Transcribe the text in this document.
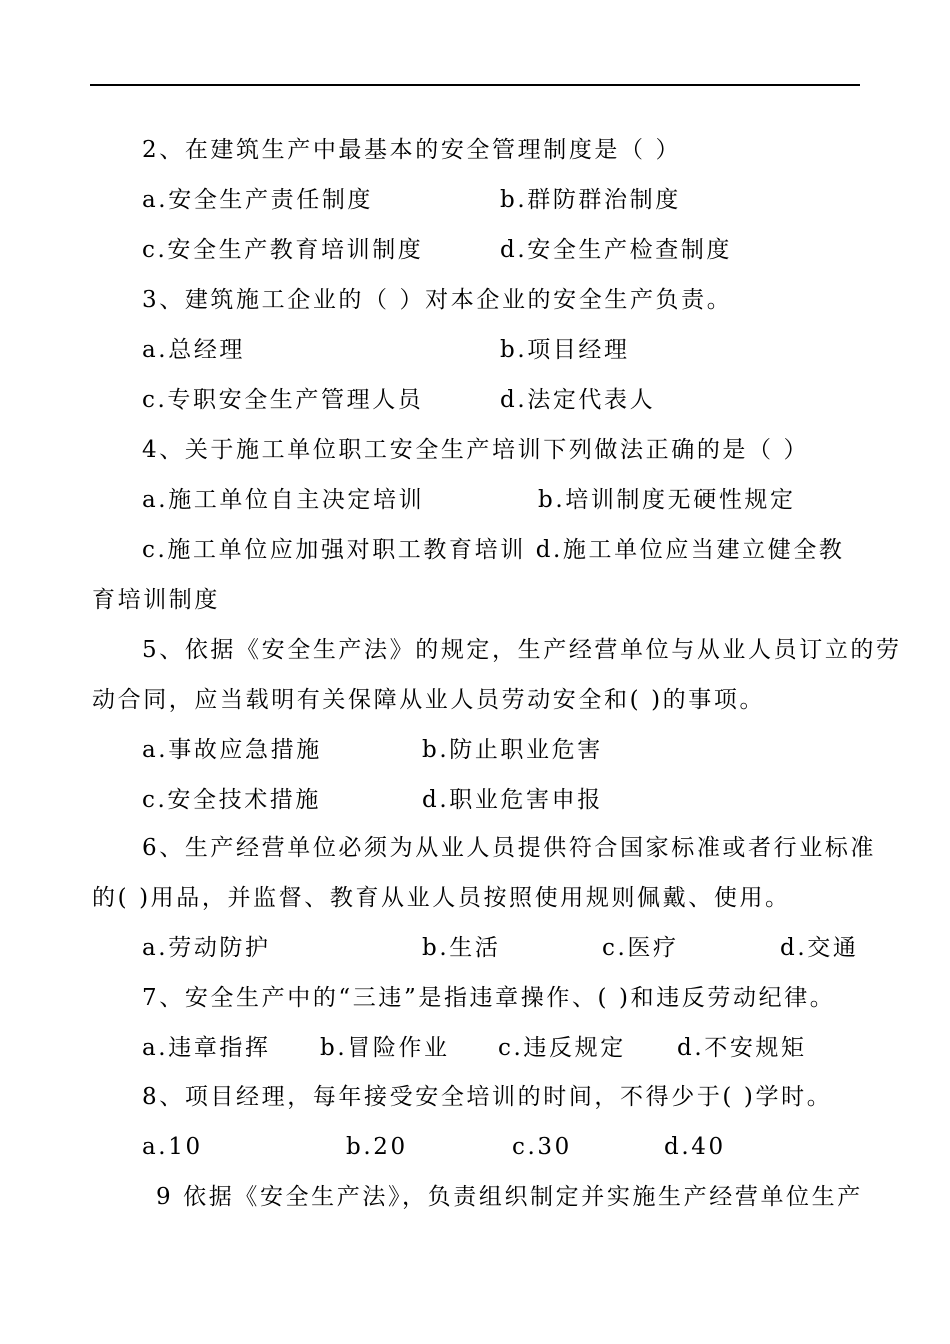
2、在建筑生产中最基本的安全管理制度是（ ）
a.安全生产责任制度	b.群防群治制度
c.安全生产教育培训制度	d.安全生产检查制度
3、建筑施工企业的（ ）对本企业的安全生产负责。
a.总经理	b.项目经理
c.专职安全生产管理人员	d.法定代表人
4、关于施工单位职工安全生产培训下列做法正确的是（ ）
a.施工单位自主决定培训	b.培训制度无硬性规定
c.施工单位应加强对职工教育培训 d.施工单位应当建立健全教
育培训制度
5、依据《安全生产法》的规定，生产经营单位与从业人员订立的劳
动合同，应当载明有关保障从业人员劳动安全和( )的事项。
a.事故应急措施	b.防止职业危害
c.安全技术措施	d.职业危害申报
6、生产经营单位必须为从业人员提供符合国家标准或者行业标准
的( )用品，并监督、教育从业人员按照使用规则佩戴、使用。
a.劳动防护	b.生活	c.医疗	d.交通
7、安全生产中的“三违”是指违章操作、( )和违反劳动纪律。
a.违章指挥 b.冒险作业 c.违反规定 d.不安规矩
8、项目经理，每年接受安全培训的时间，不得少于( )学时。
a.10	b.20	c.30	d.40
9 依据《安全生产法》，负责组织制定并实施生产经营单位生产
